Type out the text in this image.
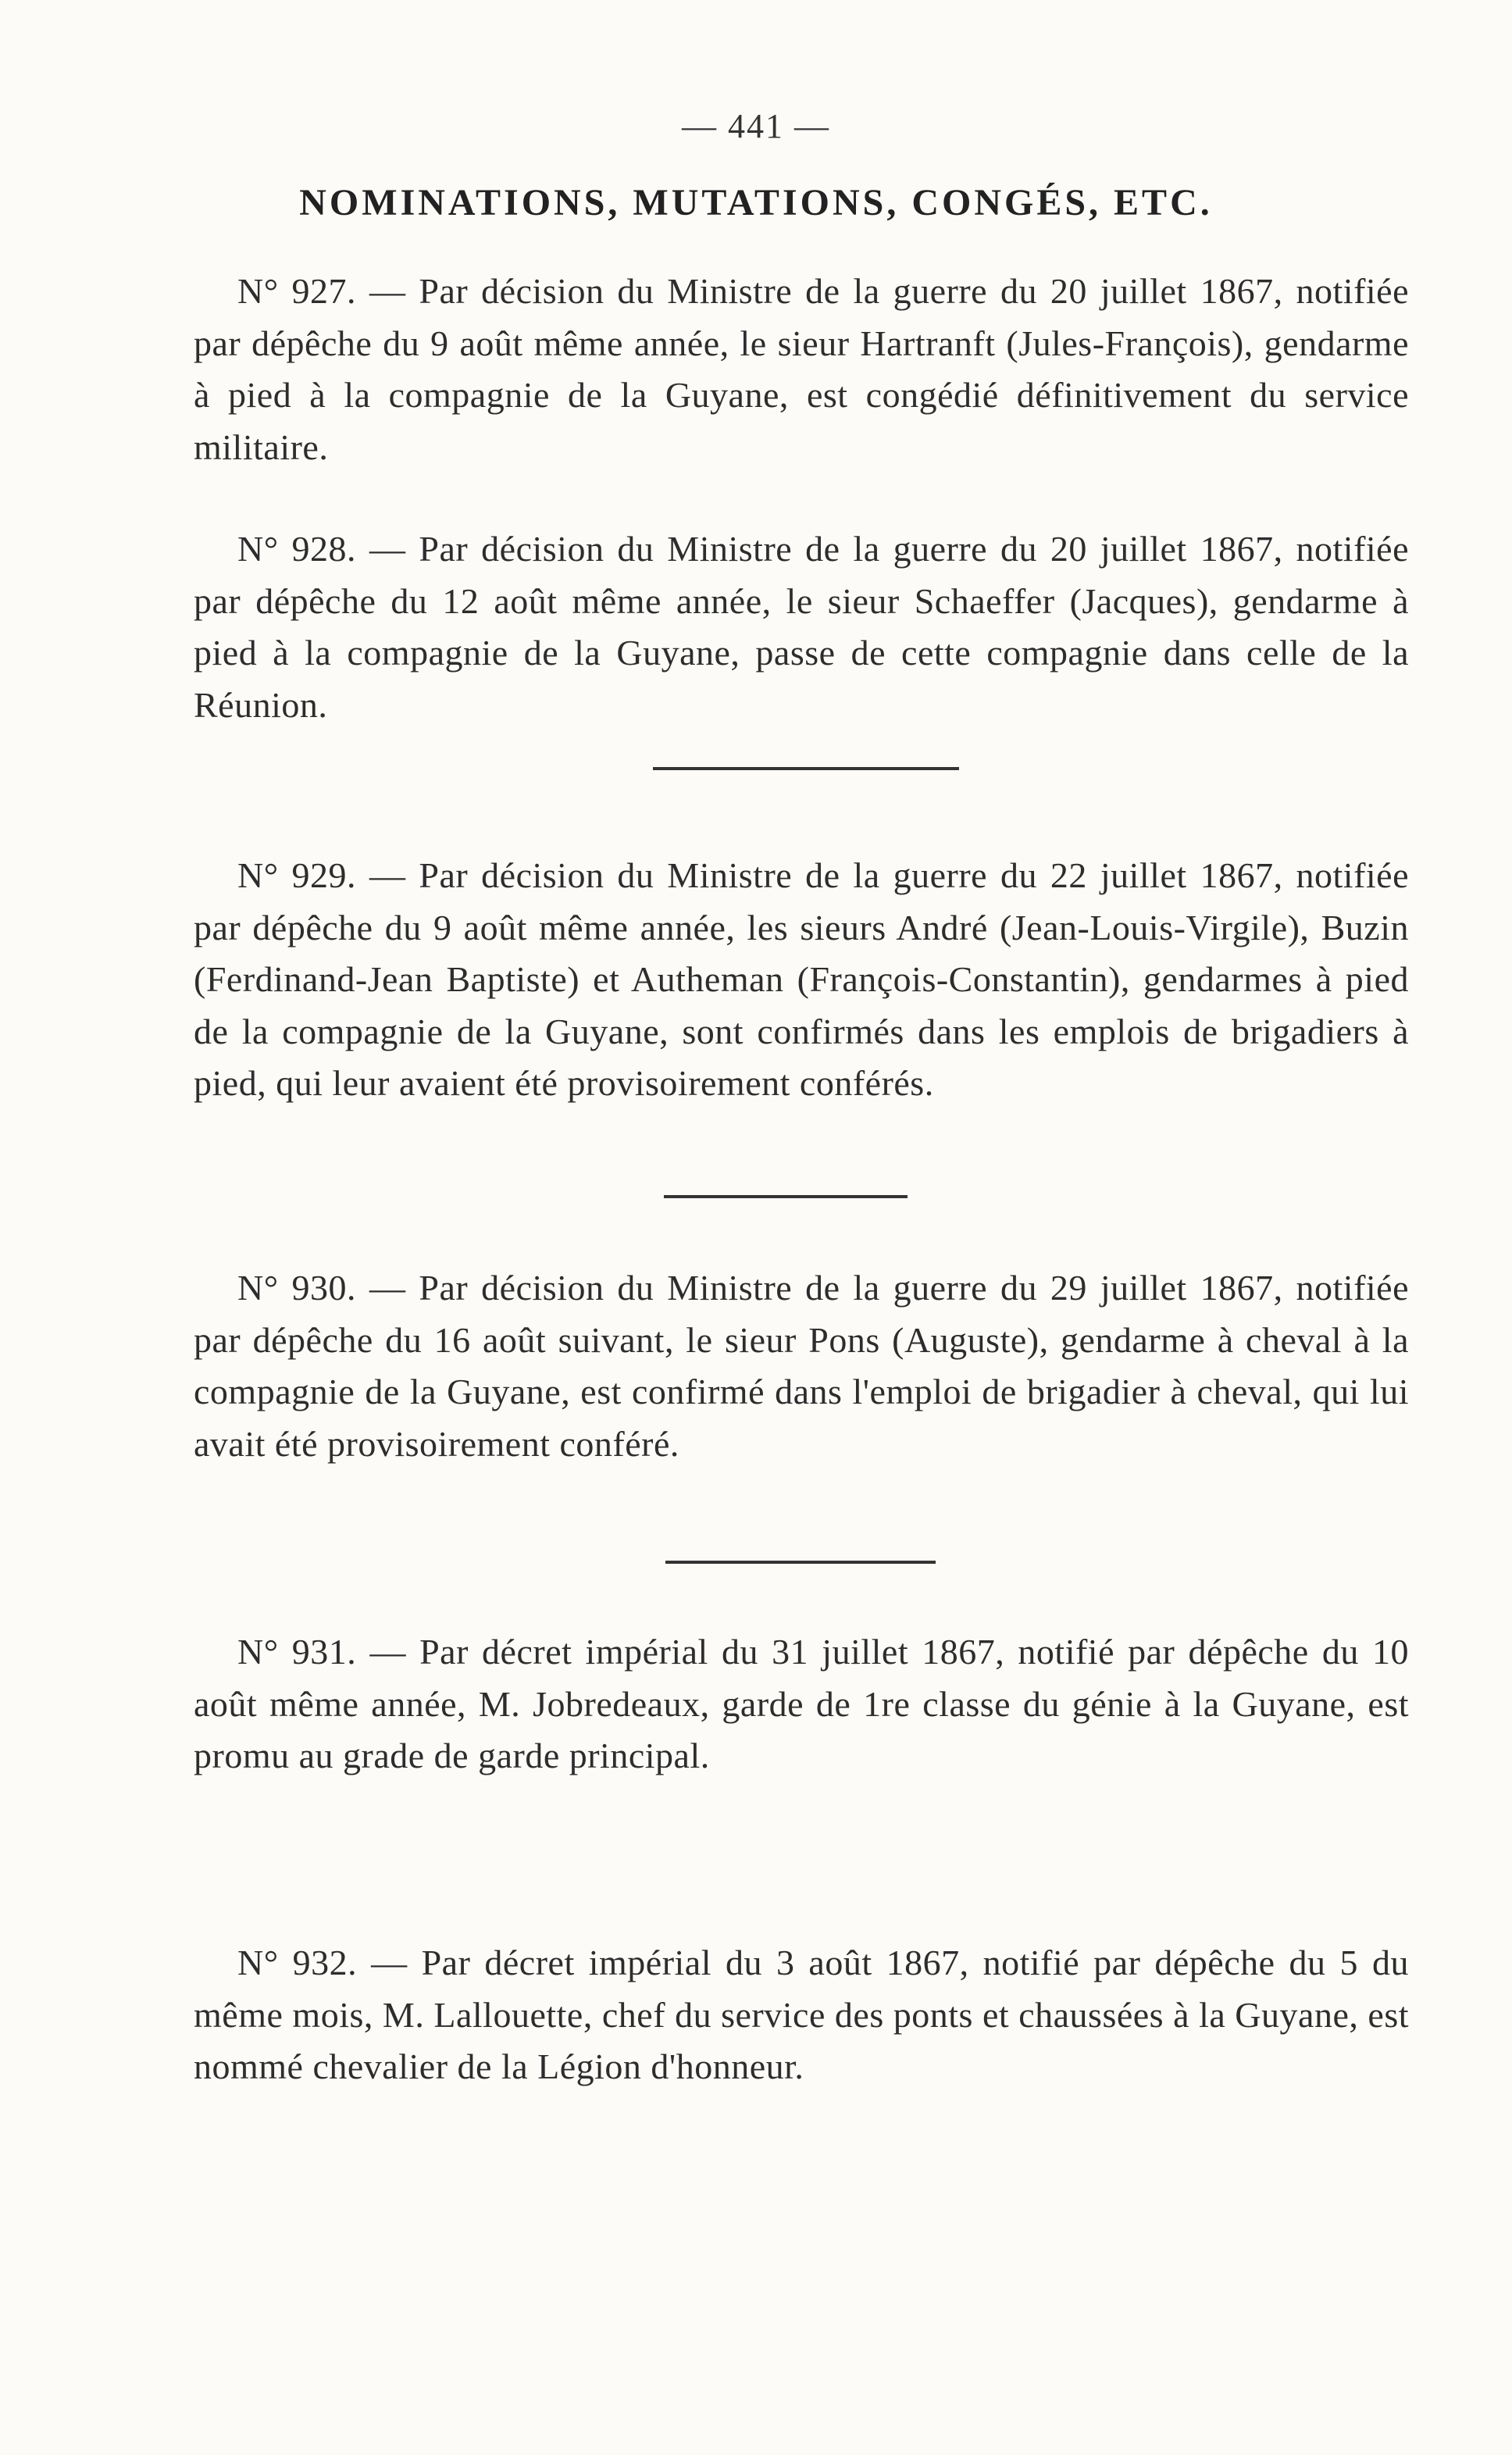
— 441 —
NOMINATIONS, MUTATIONS, CONGÉS, ETC.
N° 927. — Par décision du Ministre de la guerre du 20 juillet 1867, notifiée par dépêche du 9 août même année, le sieur Hartranft (Jules-François), gendarme à pied à la compagnie de la Guyane, est congédié définitivement du service militaire.
N° 928. — Par décision du Ministre de la guerre du 20 juillet 1867, notifiée par dépêche du 12 août même année, le sieur Schaeffer (Jacques), gendarme à pied à la compagnie de la Guyane, passe de cette compagnie dans celle de la Réunion.
N° 929. — Par décision du Ministre de la guerre du 22 juillet 1867, notifiée par dépêche du 9 août même année, les sieurs André (Jean-Louis-Virgile), Buzin (Ferdinand-Jean Baptiste) et Autheman (François-Constantin), gendarmes à pied de la compagnie de la Guyane, sont confirmés dans les emplois de brigadiers à pied, qui leur avaient été provisoirement conférés.
N° 930. — Par décision du Ministre de la guerre du 29 juillet 1867, notifiée par dépêche du 16 août suivant, le sieur Pons (Auguste), gendarme à cheval à la compagnie de la Guyane, est confirmé dans l'emploi de brigadier à cheval, qui lui avait été provisoirement conféré.
N° 931. — Par décret impérial du 31 juillet 1867, notifié par dépêche du 10 août même année, M. Jobredeaux, garde de 1re classe du génie à la Guyane, est promu au grade de garde principal.
N° 932. — Par décret impérial du 3 août 1867, notifié par dépêche du 5 du même mois, M. Lallouette, chef du service des ponts et chaussées à la Guyane, est nommé chevalier de la Légion d'honneur.
